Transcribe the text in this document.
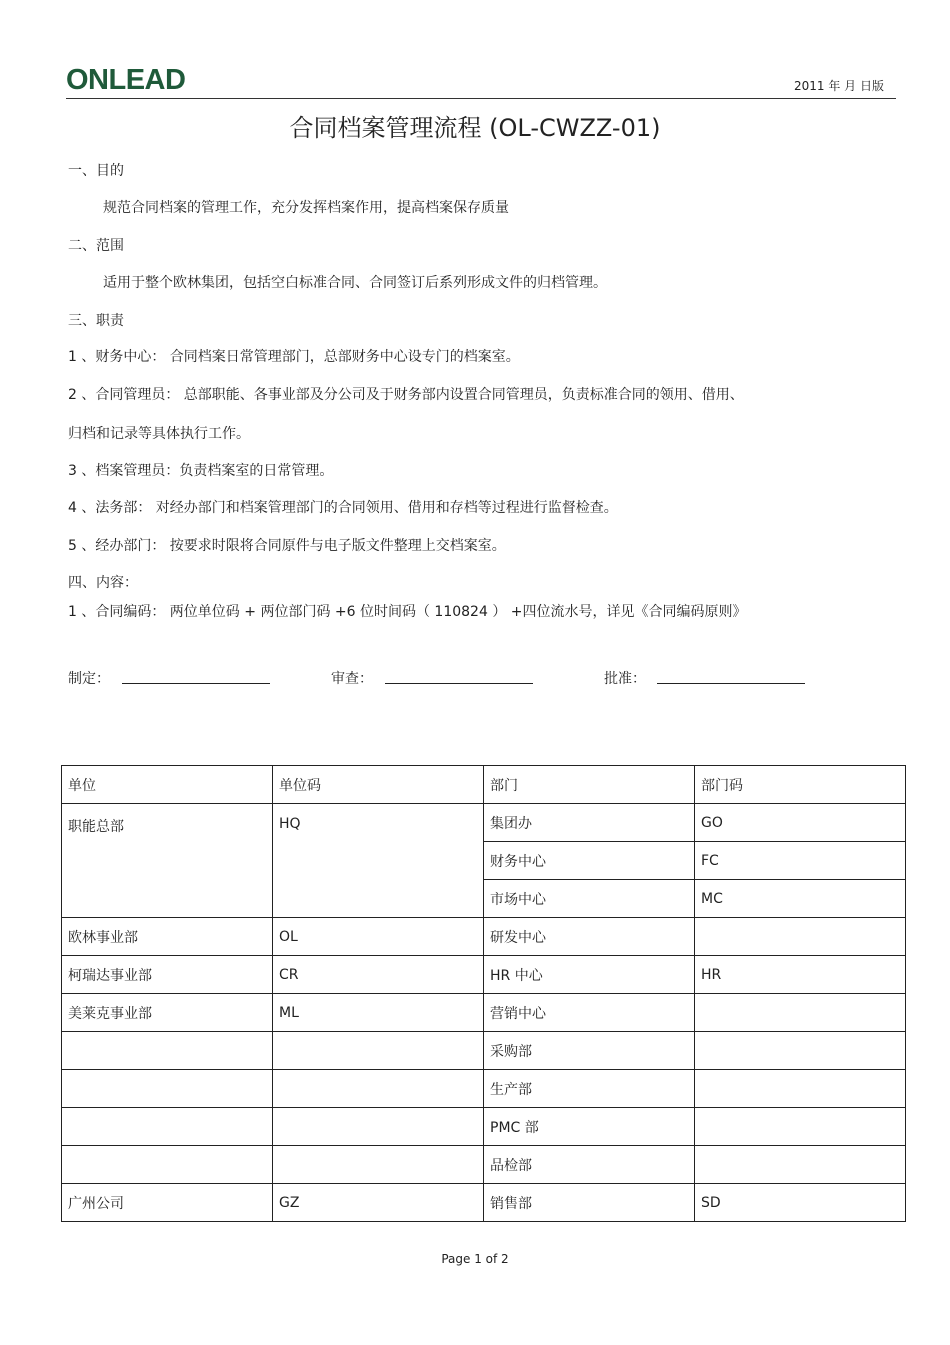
ONLEAD	2011 年 月 日版
合同档案管理流程 (OL-CWZZ-01)
一、目的
规范合同档案的管理工作，充分发挥档案作用，提高档案保存质量
二、范围
适用于整个欧林集团，包括空白标准合同、合同签订后系列形成文件的归档管理。
三、职责
1 、财务中心： 合同档案日常管理部门，总部财务中心设专门的档案室。
2 、合同管理员： 总部职能、各事业部及分公司及于财务部内设置合同管理员，负责标准合同的领用、借用、
归档和记录等具体执行工作。
3 、档案管理员：负责档案室的日常管理。
4 、法务部： 对经办部门和档案管理部门的合同领用、借用和存档等过程进行监督检查。
5 、经办部门： 按要求时限将合同原件与电子版文件整理上交档案室。
四、内容：
1 、合同编码： 两位单位码 + 两位部门码 +6 位时间码（ 110824 ） +四位流水号，详见《合同编码原则》
制定：	审查：	批准：
单位	单位码	部门	部门码
职能总部	HQ	集团办	GO
		财务中心	FC
		市场中心	MC
欧林事业部	OL	研发中心	
柯瑞达事业部	CR	HR 中心	HR
美莱克事业部	ML	营销中心	
		采购部	
		生产部	
		PMC 部	
		品检部	
广州公司	GZ	销售部	SD
Page 1 of 2
